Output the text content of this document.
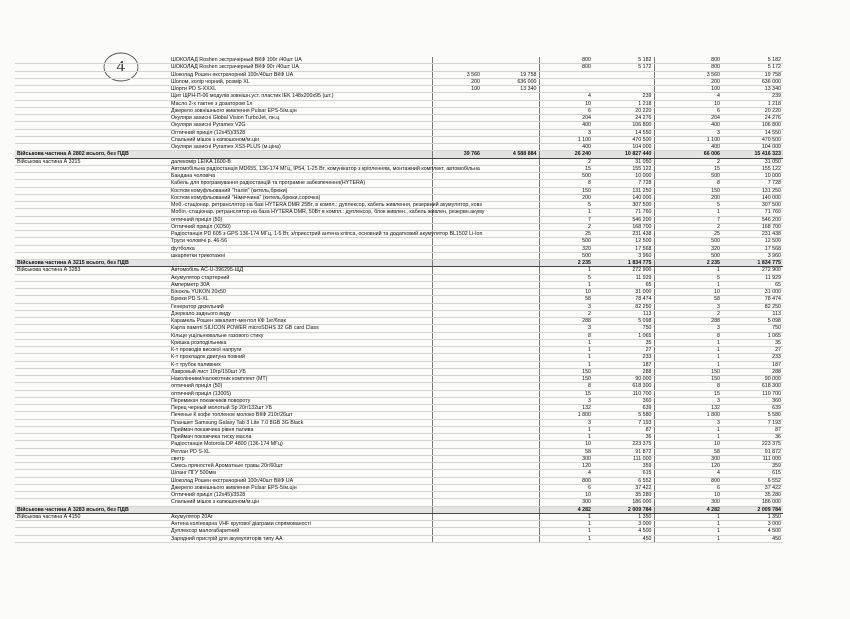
4
		ШОКОЛАД Roshen экстрачерный ВКФ 100г /40шт UA			800	5 182	800	5 182
	ШОКОЛАД Roshen экстрачерный ВКФ 90г /40шт UA			800	5 172	800	5 172
	Шоколад Рошен екстрачорний 100г/40шт ВКФ UA	3 560	19 758			3 560	19 758
	Шолом, колір чорний, розмір XL	200	636 000			200	636 000
	Шорти PD S-XXXL	100	13 340			100	13 340
	Щит ЩРН-П-06 модулів зовнішн.уст. пластик IEK 148x200x95 (шт.)			4	239	4	239
	Масло 2-х тактне з дозатором 1л			10	1 218	10	1 218
	Джерело зовнішнього живлення Pulsar EPS-5/м.цін			6	20 220	6	20 220
	Окуляри захисні Global Vision TurboJet, лн.ц			204	24 276	204	24 276
	Окуляри захисні Pyramex V2G			400	106 800	400	106 800
	Оптичний приціл (12х45)/3528			3	14 550	3	14 550
	Спальний мішок з капюшоном/м.цін			1 100	470 500	1 100	470 500
	Окуляри захисні Pyramex XS3-PLUS (м.ціна)			400	104 000	400	104 000
Військова частина А 2802 всього, без ПДВ		39 766	4 588 884	26 240	10 827 440	66 006	15 416 323
Військова частина А 3215	далекомір LEIKA 1600-B			2	31 050	2	31 050
	Автомобільна радіостанція MD655, 136-174 МГц, IP54, 1-25 Вт, комунікатор з кріпленням, монтажний комплект, автомобільна			15	155 122	15	155 122
	Бандана чоловіча			500	10 000	500	10 000
	Кабель для програмування радіостанцій та програмне забезпечення(HYTERA)			8	7 728	8	7 728
	Костюм комуфльований "Італія" (китель,брюки)			150	131 250	150	131 250
	Костюм комуфльований "Німеччина" (китель,брюки,сорочка)			200	140 000	200	140 000
	Моб.-стаціонар. ретранслятор на базі HYTERA DMR 25Вт, в компл.: дуплексор, кабель живлення, резервний акумулятор, ковз			5	307 500	5	307 500
	Мобіл.-стаціонар. ретранслятор на база HYTERA DMR, 50Вт в компл.: дуплексор, блок живлен., кабель живлен, резервн.акуму			1	71 760	1	71 760
	оптичний приціл (50)			7	546 200	7	546 200
	Оптичний приціл (XD50)			2	168 700	2	168 700
	Радіостанція PD 605 з GPS 136-174 МГц, 1-5 Вт, з/приєстрий антена кліпса, основний та додатковий акумулятор BL1502 Li-Ion			25	231 438	25	231 438
	Труси чоловічі р. 46-56			500	12 500	500	12 500
	футболка			320	17 568	320	17 568
	шкарпетки трикотажні			500	3 960	500	3 960
Військова частина А 3215 всього, без ПДВ				2 235	1 834 775	2 235	1 834 775
Військова частина А 3283	Автомобіль АС-U-396295-ЩД			1	272 900	1	272 900
	Акумулятор стартерний			5	11 929	5	11 929
	Амперметр 30А			1	65	1	65
	Бінокль YUKON 20х50			10	31 000	10	31 000
	Брюки PD S-XL			58	78 474	58	78 474
	Генератор дизельний			3	82 250	3	82 250
	Дзеркало заднього виду			2	113	2	113
	Карамель Рошен эвкалипт-ментол КФ 1кг/6пак			288	5 098	288	5 098
	Карта памяті SILICON POWER microSDHS 32 GB card Class			3	750	3	750
	Кільце ущільнювальне газового стику			8	1 065	8	1 065
	Кришка розподільника			1	35	1	35
	К-т проводів високої напруги			1	27	1	27
	К-т прокладок двигуна повний			1	233	1	233
	К-т трубок паливних			1	187	1	187
	Лавровый лист 10гр/150шт УБ			150	288	150	288
	Наколінники/налокотник комплект (МТ)			150	90 000	150	90 000
	оптичний приціл (50)			8	618 300	8	618 300
	оптичний приціл (13005)			15	110 700	15	110 700
	Перемикач покажчиків повороту			3	360	3	360
	Перец черный молотый Sp 20г/132шт УБ			132	639	132	639
	Печенье К кофе топленое молоко ВКФ 210г/26шт			1 800	5 580	1 800	5 580
	Планшет Samsung Galaxy Tab 3 Lite 7.0 8GB 3G Black			3	7 193	3	7 193
	Приймач покажчика рівня палива			1	87	1	87
	Приймач покажчика тиску масла			1	36	1	36
	Радіостанція Motorola DP 4800 (136-174 МГц)			10	223 375	10	223 375
	Реглан PD S-XL			58	91 872	58	91 872
	светр			300	111 000	300	111 000
	Смесь пряностей Ароматные травы 20г/60шт			120	359	120	359
	Шланг ПГУ 500мм			4	615	4	615
	Шоколад Рошен екстрачорний 100г/40шт ВКФ UA			800	6 552	800	6 552
	Джерело зовнішнього живлення Pulsar EPS-5/м.цін			6	37 422	6	37 422
	Оптичний приціл (12х45)/3528			10	35 280	10	35 280
	Спальний мішок з капюшоном/м.цін			300	186 000	300	186 000
Військова частина А 3283 всього, без ПДВ				4 282	2 009 784	4 282	2 009 784
Військова частина А 4150	Акумулятор 20Аг			1	1 350	1	1 350
	Антена колінеарна VHF кругової діаграми спрямованості			1	3 000	1	3 000
	Дуплексор малогабаритний			1	4 500	1	4 500
	Зарядний пристрій для акумуляторів типу АА			1	450	1	450
